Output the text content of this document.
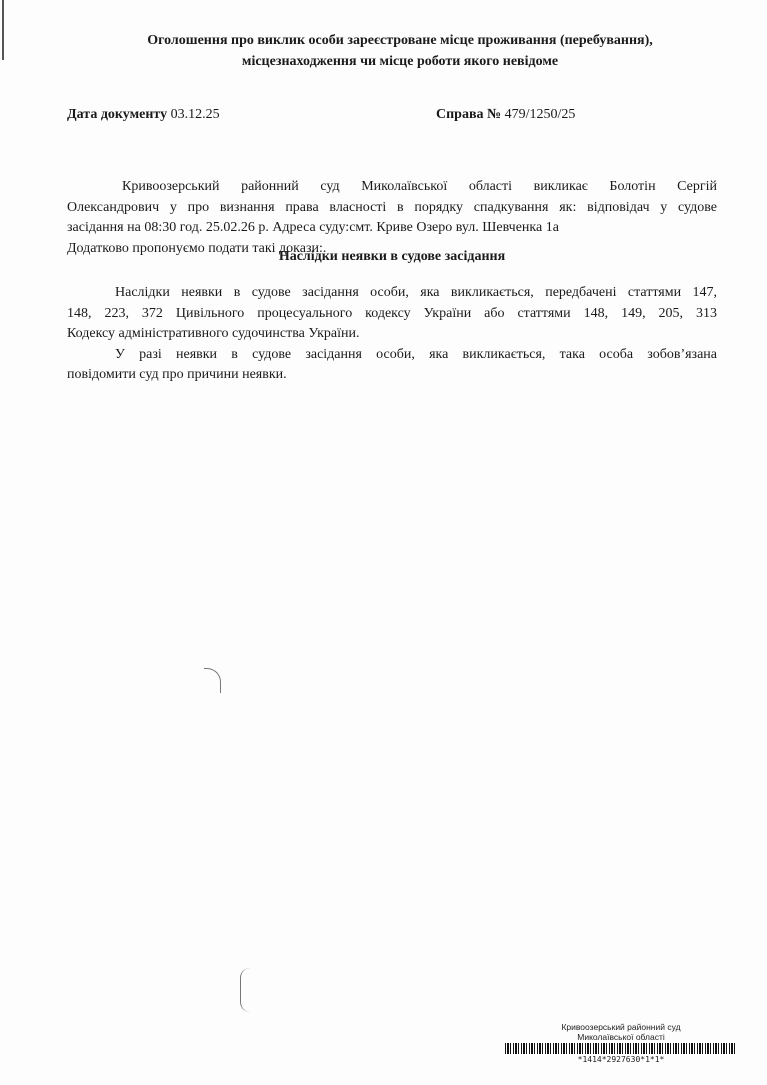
Оголошення про виклик особи зареєстроване місце проживання (перебування),
місцезнаходження чи місце роботи якого невідоме
Дата документу 03.12.25	Справа № 479/1250/25
Кривоозерський районний суд Миколаївської області викликає Болотін Сергій
Олександрович у про визнання права власності в порядку спадкування як: відповідач у судове
засідання на 08:30 год. 25.02.26 р. Адреса суду:смт. Криве Озеро вул. Шевченка 1а
Додатково пропонуємо подати такі докази:.
Наслідки неявки в судове засідання
Наслідки неявки в судове засідання особи, яка викликається, передбачені статтями 147,
148, 223, 372 Цивільного процесуального кодексу України або статтями 148, 149, 205, 313
Кодексу адміністративного судочинства України.
У разі неявки в судове засідання особи, яка викликається, така особа зобов’язана
повідомити суд про причини неявки.
Кривоозерський районний суд
Миколаївської області
*1414*2927630*1*1*
